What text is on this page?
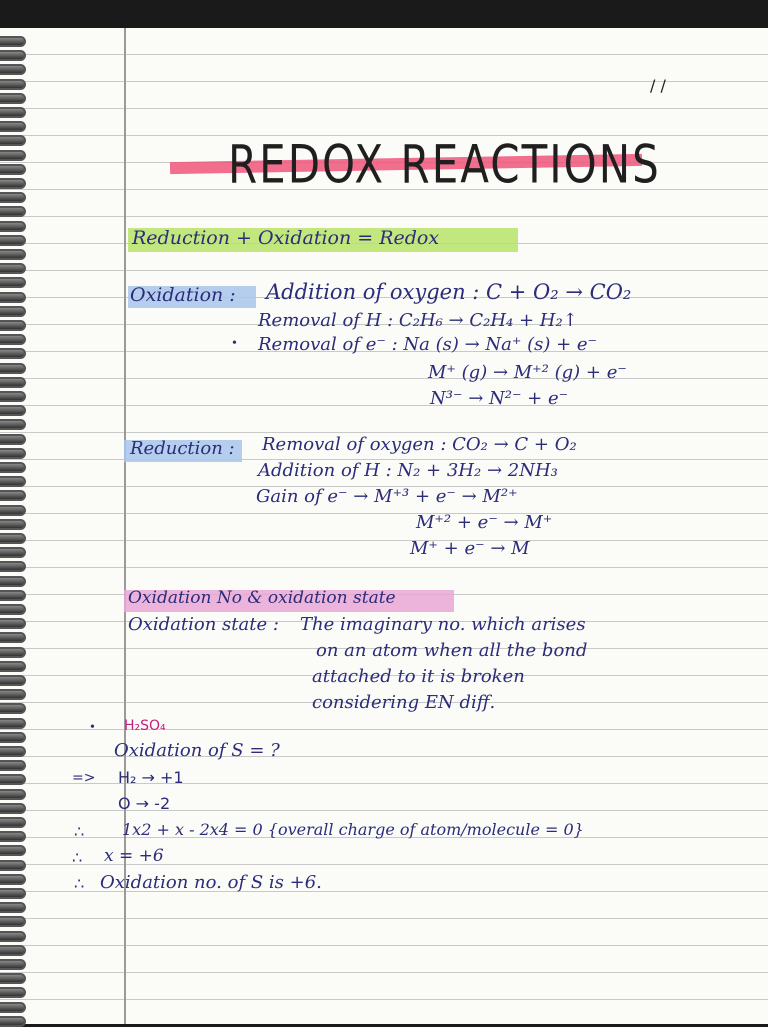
/ /
REDOX REACTIONS
Reduction + Oxidation = Redox
Oxidation : Addition of oxygen : C + O₂ → CO₂
Removal of H : C₂H₆ → C₂H₄ + H₂↑
• Removal of e⁻ : Na (s) → Na⁺ (s) + e⁻
M⁺ (g) → M⁺² (g) + e⁻
N³⁻ → N²⁻ + e⁻
Reduction : Removal of oxygen : CO₂ → C + O₂
Addition of H : N₂ + 3H₂ → 2NH₃
Gain of e⁻ → M⁺³ + e⁻ → M²⁺
M⁺² + e⁻ → M⁺
M⁺ + e⁻ → M
Oxidation No & oxidation state
Oxidation state : The imaginary no. which arises
on an atom when all the bond
attached to it is broken
considering EN diff.
• H₂SO₄
Oxidation of S = ?
=> H₂ → +1
O → -2
∴ 1x2 + x - 2x4 = 0 {overall charge of atom/molecule = 0}
∴ x = +6
∴ Oxidation no. of S is +6.
